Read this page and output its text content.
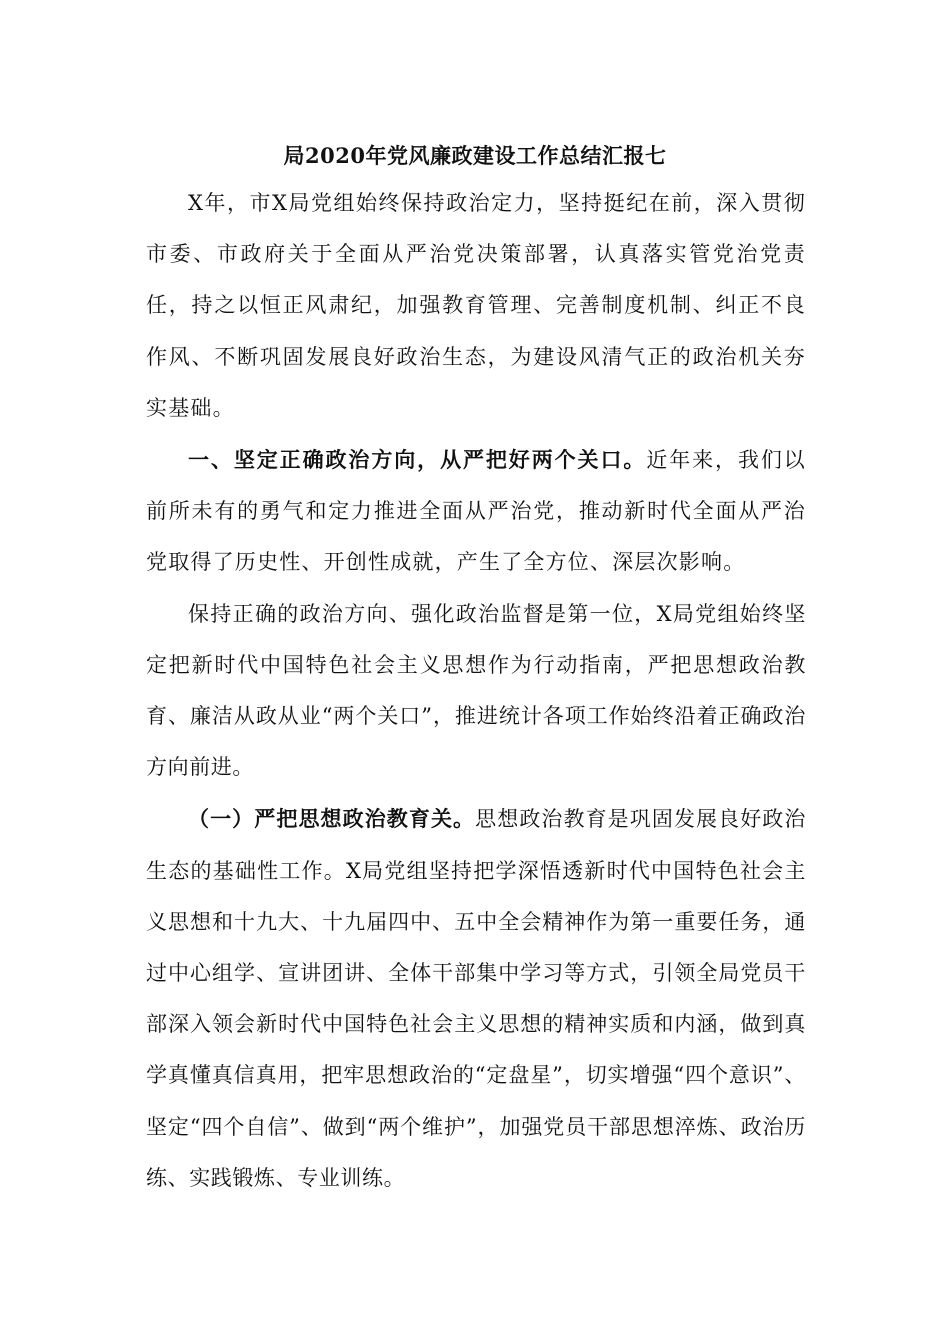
局2020年党风廉政建设工作总结汇报七

X年，市X局党组始终保持政治定力，坚持挺纪在前，深入贯彻市委、市政府关于全面从严治党决策部署，认真落实管党治党责任，持之以恒正风肃纪，加强教育管理、完善制度机制、纠正不良作风、不断巩固发展良好政治生态，为建设风清气正的政治机关夯实基础。

一、坚定正确政治方向，从严把好两个关口。近年来，我们以前所未有的勇气和定力推进全面从严治党，推动新时代全面从严治党取得了历史性、开创性成就，产生了全方位、深层次影响。

保持正确的政治方向、强化政治监督是第一位，X局党组始终坚定把新时代中国特色社会主义思想作为行动指南，严把思想政治教育、廉洁从政从业“两个关口”，推进统计各项工作始终沿着正确政治方向前进。

（一）严把思想政治教育关。思想政治教育是巩固发展良好政治生态的基础性工作。X局党组坚持把学深悟透新时代中国特色社会主义思想和十九大、十九届四中、五中全会精神作为第一重要任务，通过中心组学、宣讲团讲、全体干部集中学习等方式，引领全局党员干部深入领会新时代中国特色社会主义思想的精神实质和内涵，做到真学真懂真信真用，把牢思想政治的“定盘星”，切实增强“四个意识”、坚定“四个自信”、做到“两个维护”，加强党员干部思想淬炼、政治历练、实践锻炼、专业训练。
